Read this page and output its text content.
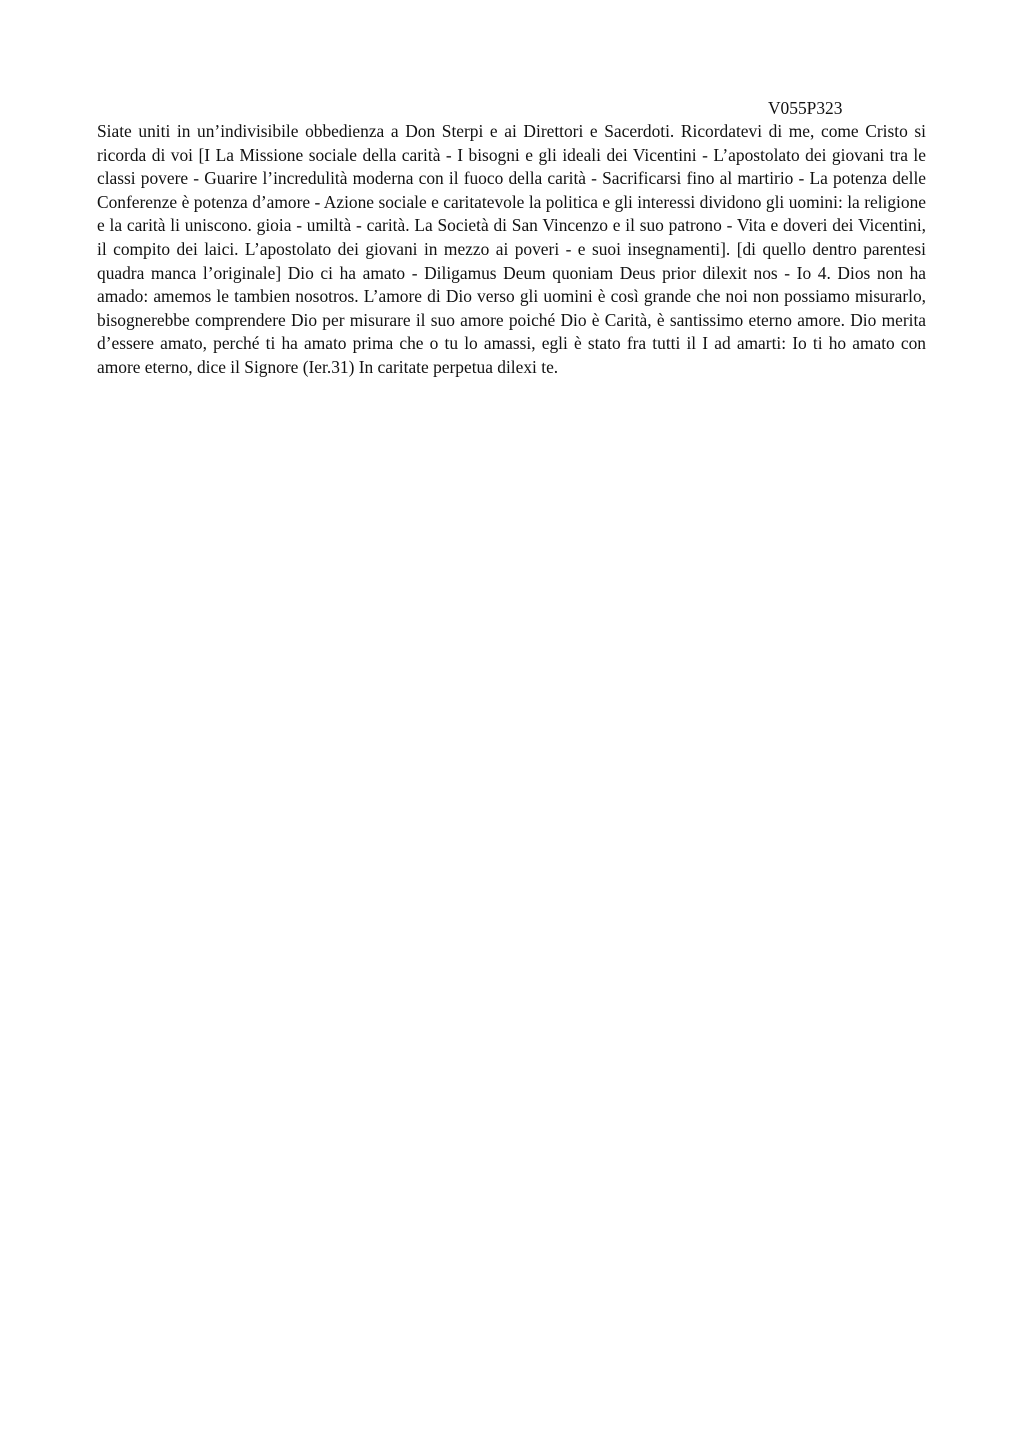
V055P323

Siate uniti in un’indivisibile obbedienza a Don Sterpi e ai Direttori e Sacerdoti. Ricordatevi di me, come Cristo si ricorda di voi [I La Missione sociale della carità - I bisogni e gli ideali dei Vicentini - L’apostolato dei giovani tra le classi povere - Guarire l’incredulità moderna con il fuoco della carità - Sacrificarsi fino al martirio - La potenza delle Conferenze è potenza d’amore - Azione sociale e caritatevole la politica e gli interessi dividono gli uomini: la religione e la carità li uniscono. gioia - umiltà - carità. La Società di San Vincenzo e il suo patrono - Vita e doveri dei Vicentini, il compito dei laici. L’apostolato dei giovani in mezzo ai poveri - e suoi insegnamenti]. [di quello dentro parentesi quadra manca l’originale] Dio ci ha amato - Diligamus Deum quoniam Deus prior dilexit nos - Io 4. Dios non ha amado: amemos le tambien nosotros. L’amore di Dio verso gli uomini è così grande che noi non possiamo misurarlo, bisognerebbe comprendere Dio per misurare il suo amore poiché Dio è Carità, è santissimo eterno amore. Dio merita d’essere amato, perché ti ha amato prima che o tu lo amassi, egli è stato fra tutti il I ad amarti: Io ti ho amato con amore eterno, dice il Signore (Ier.31) In caritate perpetua dilexi te.
